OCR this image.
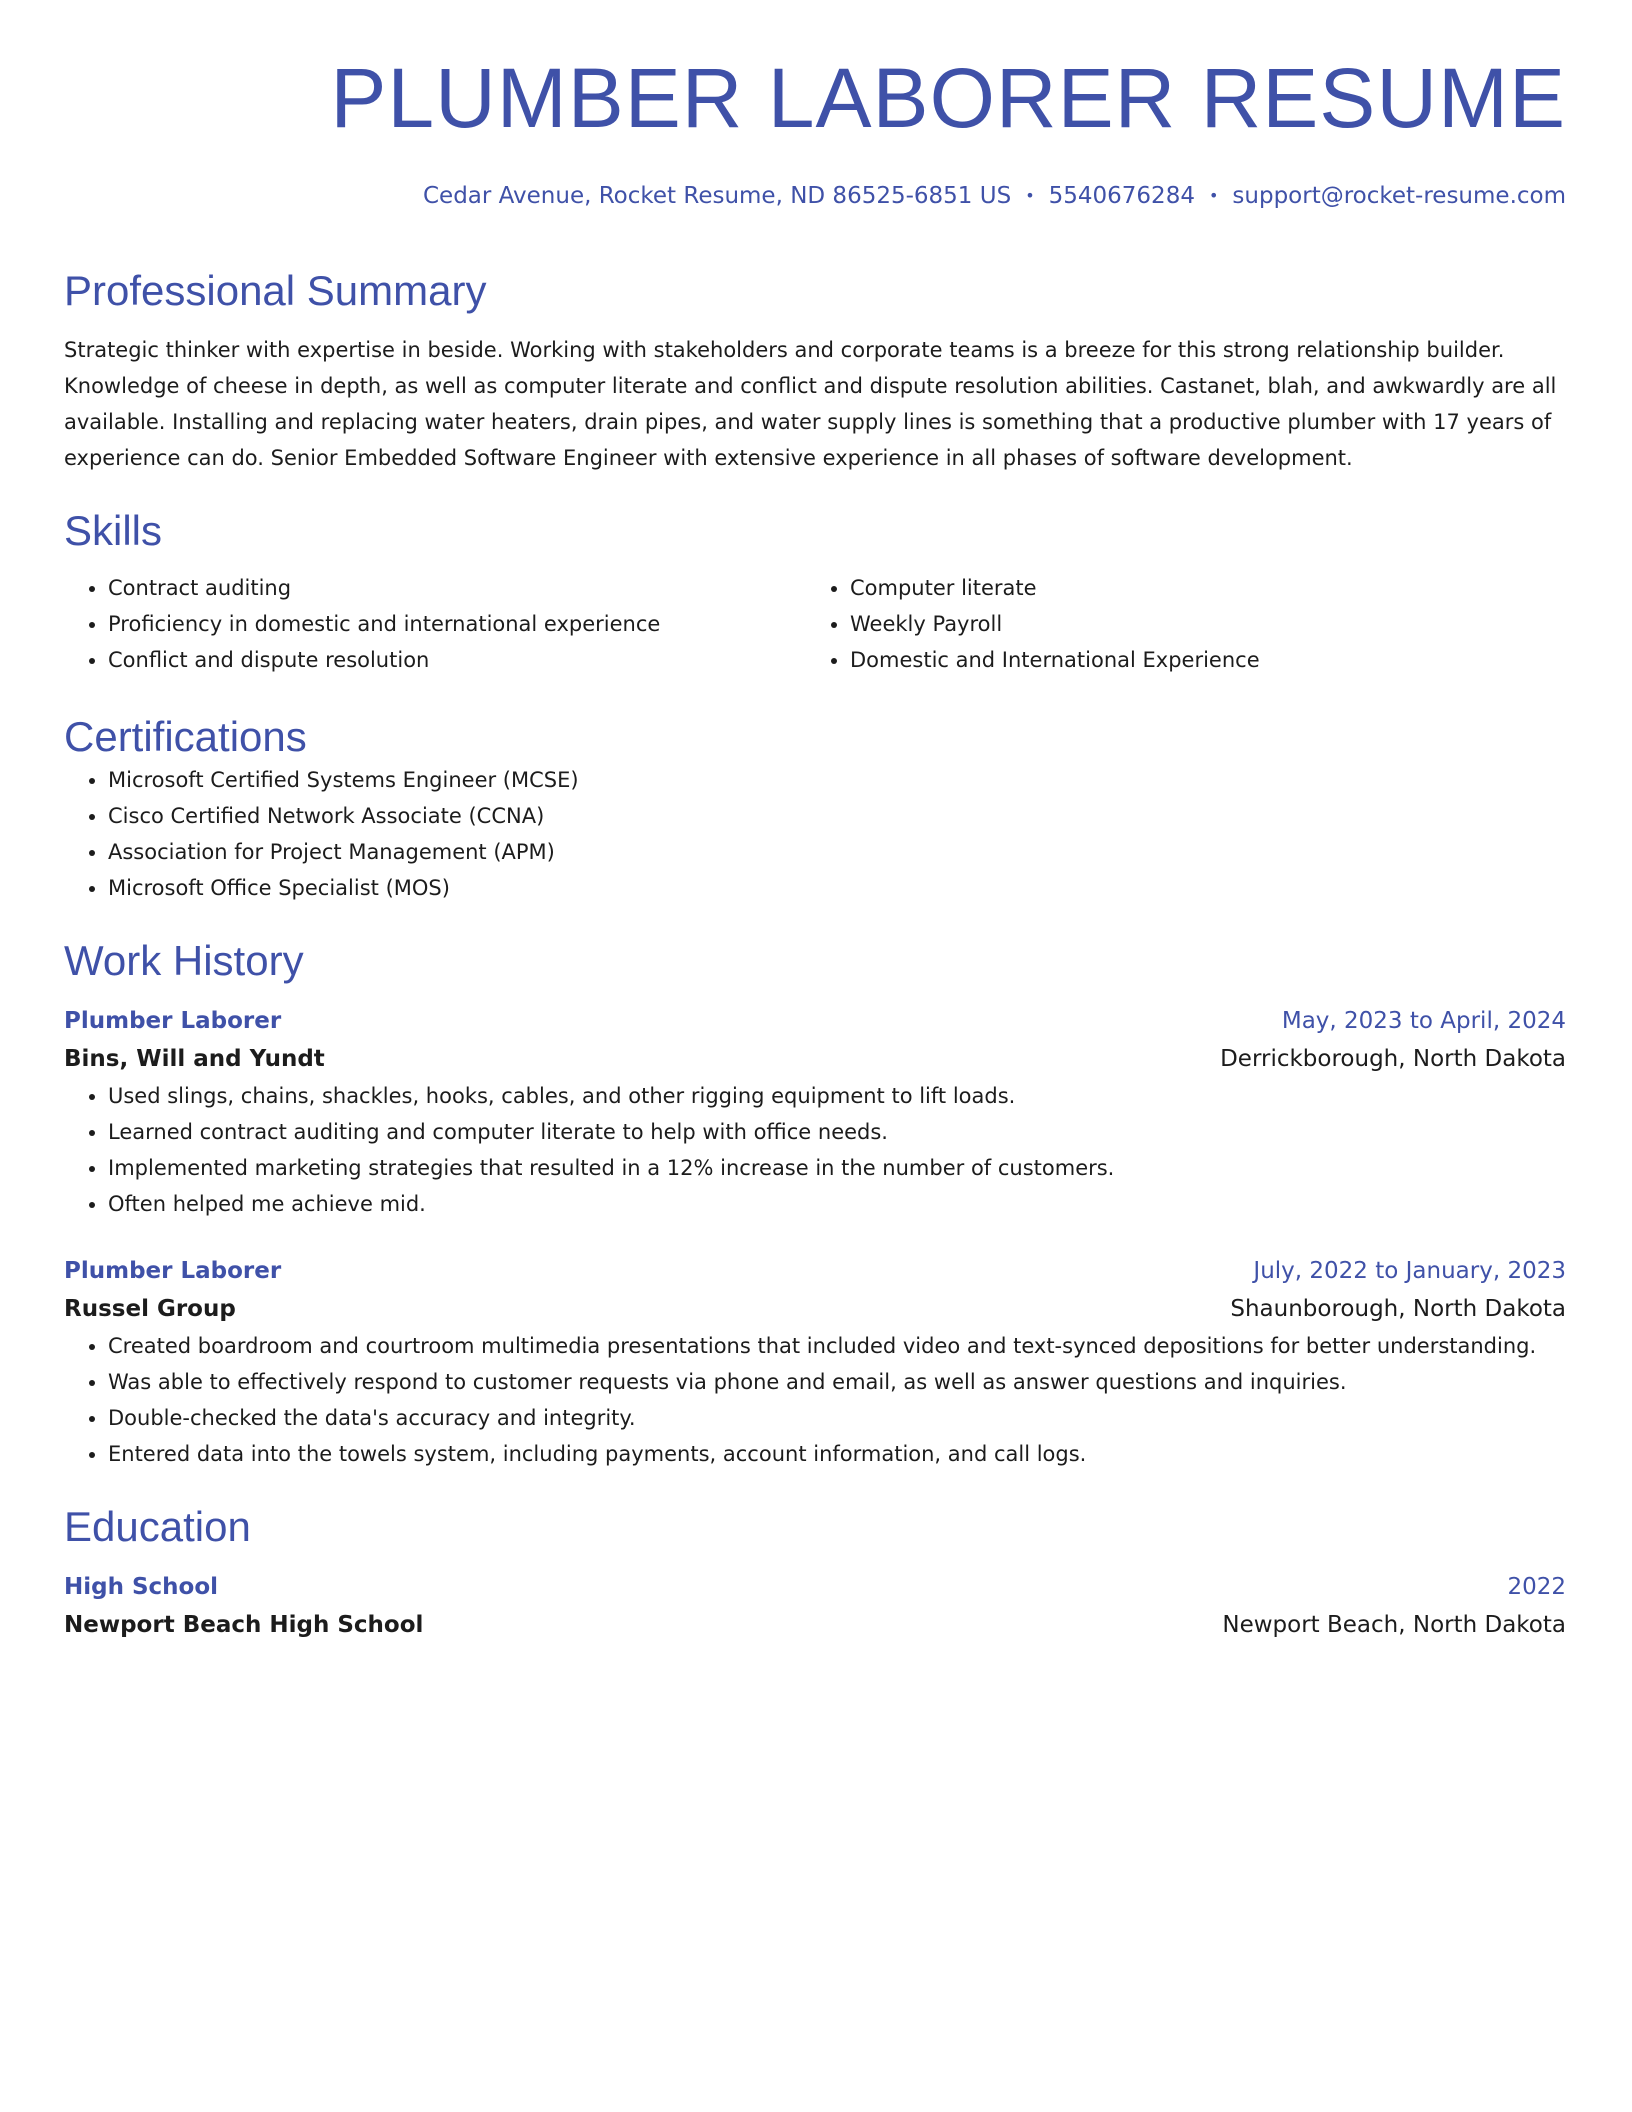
PLUMBER LABORER RESUME
Cedar Avenue, Rocket Resume, ND 86525-6851 US • 5540676284 • support@rocket-resume.com
Professional Summary

Strategic thinker with expertise in beside. Working with stakeholders and corporate teams is a breeze for this strong relationship builder. Knowledge of cheese in depth, as well as computer literate and conflict and dispute resolution abilities. Castanet, blah, and awkwardly are all available. Installing and replacing water heaters, drain pipes, and water supply lines is something that a productive plumber with 17 years of experience can do. Senior Embedded Software Engineer with extensive experience in all phases of software development.

Skills
• Contract auditing
• Proficiency in domestic and international experience
• Conflict and dispute resolution
• Computer literate
• Weekly Payroll
• Domestic and International Experience
Certifications
• Microsoft Certified Systems Engineer (MCSE)
• Cisco Certified Network Associate (CCNA)
• Association for Project Management (APM)
• Microsoft Office Specialist (MOS)
Work History
Plumber Laborer	May, 2023 to April, 2024
Bins, Will and Yundt	Derrickborough, North Dakota
• Used slings, chains, shackles, hooks, cables, and other rigging equipment to lift loads.
• Learned contract auditing and computer literate to help with office needs.
• Implemented marketing strategies that resulted in a 12% increase in the number of customers.
• Often helped me achieve mid.
Plumber Laborer	July, 2022 to January, 2023
Russel Group	Shaunborough, North Dakota
• Created boardroom and courtroom multimedia presentations that included video and text-synced depositions for better understanding.
• Was able to effectively respond to customer requests via phone and email, as well as answer questions and inquiries.
• Double-checked the data's accuracy and integrity.
• Entered data into the towels system, including payments, account information, and call logs.
Education
High School	2022
Newport Beach High School	Newport Beach, North Dakota
